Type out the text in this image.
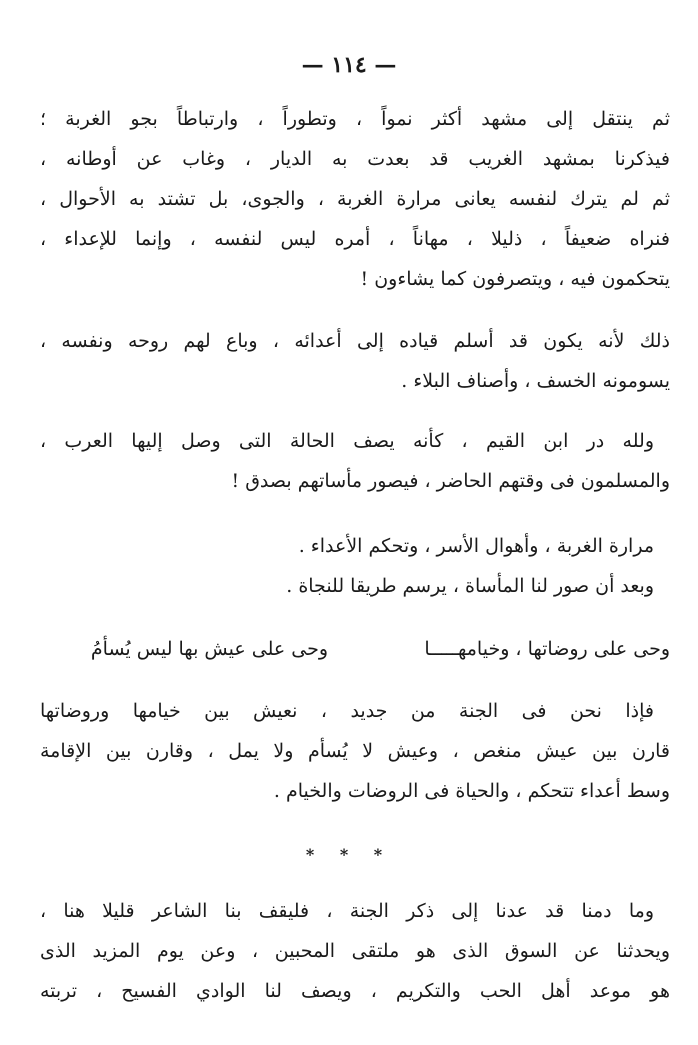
— ١١٤ —
ثم ينتقل إلى مشهد أكثر نمواً ، وتطوراً ، وارتباطاً بجو الغربة ؛
فيذكرنا بمشهد الغريب قد بعدت به الديار ، وغاب عن أوطانه ،
ثم لم يترك لنفسه يعانى مرارة الغربة ، والجوى، بل تشتد به الأحوال ،
فنراه ضعيفاً ، ذليلا ، مهاناً ، أمره ليس لنفسه ، وإنما للإعداء ،
يتحكمون فيه ، ويتصرفون كما يشاءون !
ذلك لأنه يكون قد أسلم قياده إلى أعدائه ، وباع لهم روحه ونفسه ،
يسومونه الخسف ، وأصناف البلاء .
ولله در ابن القيم ، كأنه يصف الحالة التى وصل إليها العرب ،
والمسلمون فى وقتهم الحاضر ، فيصور مأساتهم بصدق !
مرارة الغربة ، وأهوال الأسر ، وتحكم الأعداء .
وبعد أن صور لنا المأساة ، يرسم طريقا للنجاة .
وحى على روضاتها ، وخيامهـــــا
وحى على عيش بها ليس يُسأمُ
فإذا نحن فى الجنة من جديد ، نعيش بين خيامها وروضاتها
قارن بين عيش منغص ، وعيش لا يُسأم ولا يمل ، وقارن بين الإقامة
وسط أعداء تتحكم ، والحياة فى الروضات والخيام .
* * *
وما دمنا قد عدنا إلى ذكر الجنة ، فليقف بنا الشاعر قليلا هنا ،
ويحدثنا عن السوق الذى هو ملتقى المحبين ، وعن يوم المزيد الذى
هو موعد أهل الحب والتكريم ، ويصف لنا الوادي الفسيح ، تربته
